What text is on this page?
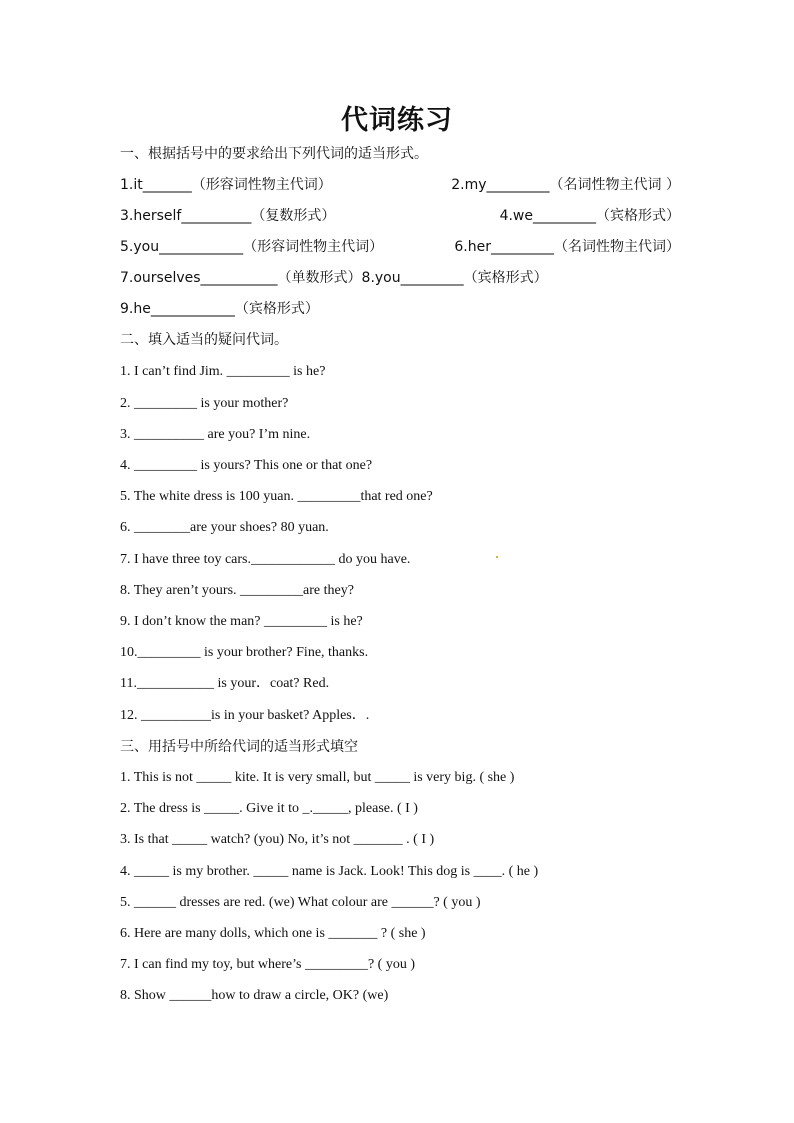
代词练习
一、根据括号中的要求给出下列代词的适当形式。
1.it_______（形容词性物主代词）	2.my_________（名词性物主代词 ）
3.herself__________（复数形式）	4.we_________（宾格形式）
5.you____________（形容词性物主代词）	6.her_________（名词性物主代词）
7.ourselves___________（单数形式）8.you_________（宾格形式）
9.he____________（宾格形式）
二、填入适当的疑问代词。
1. I can’t find Jim. _________ is he?
2. _________ is your mother?
3. __________ are you? I’m nine.
4. _________ is yours? This one or that one?
5. The white dress is 100 yuan. _________that red one?
6. ________are your shoes? 80 yuan.
7. I have three toy cars.____________ do you have.
8. They aren’t yours. _________are they?
9. I don’t know the man? _________ is he?
10._________ is your brother? Fine, thanks.
11.___________ is your．coat? Red.
12. __________is in your basket? Apples．.
三、用括号中所给代词的适当形式填空
1. This is not _____ kite. It is very small, but _____ is very big. ( she )
2. The dress is _____. Give it to _._____, please. ( I )
3. Is that _____ watch? (you) No, it’s not _______ . ( I )
4. _____ is my brother. _____ name is Jack. Look! This dog is ____. ( he )
5. ______ dresses are red. (we) What colour are ______? ( you )
6. Here are many dolls, which one is _______ ? ( she )
7. I can find my toy, but where’s _________? ( you )
8. Show ______how to draw a circle, OK? (we)
